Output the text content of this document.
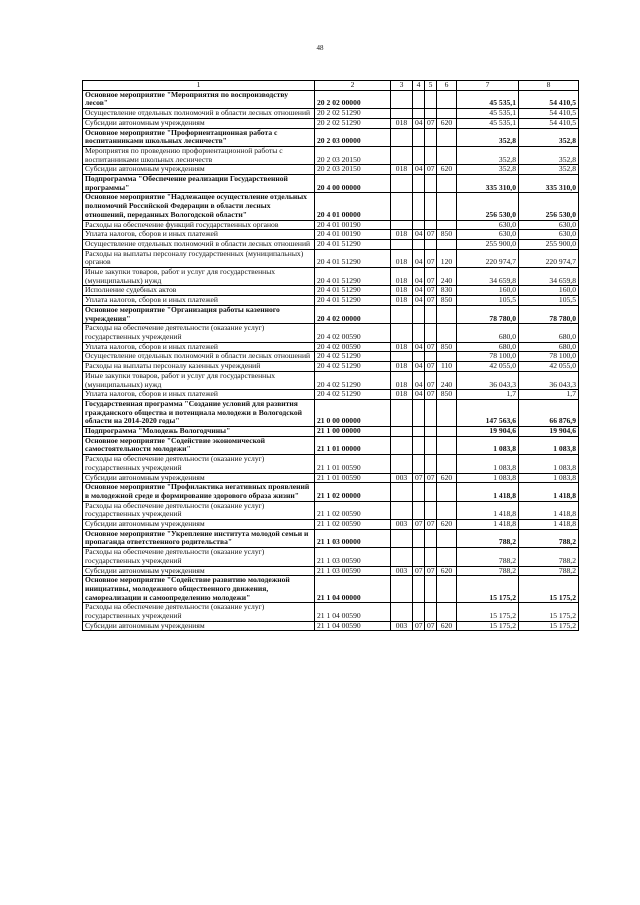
48
1	2	3	4	5	6	7	8
Основное мероприятие "Мероприятия по воспроизводству лесов"	20 2 02 00000					45 535,1	54 410,5
Осуществление отдельных полномочий в области лесных отношений	20 2 02 51290					45 535,1	54 410,5
Субсидии автономным учреждениям	20 2 02 51290	018	04	07	620	45 535,1	54 410,5
Основное мероприятие "Профориентационная работа с воспитанниками школьных лесничеств"	20 2 03 00000					352,8	352,8
Мероприятия по проведению профориентационной работы с воспитанниками школьных лесничеств	20 2 03 20150					352,8	352,8
Субсидии автономным учреждениям	20 2 03 20150	018	04	07	620	352,8	352,8
Подпрограмма "Обеспечение реализации Государственной программы"	20 4 00 00000					335 310,0	335 310,0
Основное мероприятие "Надлежащее осуществление отдельных полномочий Российской Федерации в области лесных отношений, переданных Вологодской области"	20 4 01 00000					256 530,0	256 530,0
Расходы на обеспечение функций государственных органов	20 4 01 00190					630,0	630,0
Уплата налогов, сборов и иных платежей	20 4 01 00190	018	04	07	850	630,0	630,0
Осуществление отдельных полномочий в области лесных отношений	20 4 01 51290					255 900,0	255 900,0
Расходы на выплаты персоналу государственных (муниципальных) органов	20 4 01 51290	018	04	07	120	220 974,7	220 974,7
Иные закупки товаров, работ и услуг для государственных (муниципальных) нужд	20 4 01 51290	018	04	07	240	34 659,8	34 659,8
Исполнение судебных актов	20 4 01 51290	018	04	07	830	160,0	160,0
Уплата налогов, сборов и иных платежей	20 4 01 51290	018	04	07	850	105,5	105,5
Основное мероприятие "Организация работы казенного учреждения"	20 4 02 00000					78 780,0	78 780,0
Расходы на обеспечение деятельности (оказание услуг) государственных учреждений	20 4 02 00590					680,0	680,0
Уплата налогов, сборов и иных платежей	20 4 02 00590	018	04	07	850	680,0	680,0
Осуществление отдельных полномочий в области лесных отношений	20 4 02 51290					78 100,0	78 100,0
Расходы на выплаты персоналу казенных учреждений	20 4 02 51290	018	04	07	110	42 055,0	42 055,0
Иные закупки товаров, работ и услуг для государственных (муниципальных) нужд	20 4 02 51290	018	04	07	240	36 043,3	36 043,3
Уплата налогов, сборов и иных платежей	20 4 02 51290	018	04	07	850	1,7	1,7
Государственная программа "Создание условий для развития гражданского общества и потенциала молодежи в Вологодской области на 2014-2020 годы"	21 0 00 00000					147 563,6	66 876,9
Подпрограмма "Молодежь Вологодчины"	21 1 00 00000					19 904,6	19 904,6
Основное мероприятие "Содействие экономической самостоятельности молодежи"	21 1 01 00000					1 083,8	1 083,8
Расходы на обеспечение деятельности (оказание услуг) государственных учреждений	21 1 01 00590					1 083,8	1 083,8
Субсидии автономным учреждениям	21 1 01 00590	003	07	07	620	1 083,8	1 083,8
Основное мероприятие "Профилактика негативных проявлений в молодежной среде и формирование здорового образа жизни"	21 1 02 00000					1 418,8	1 418,8
Расходы на обеспечение деятельности (оказание услуг) государственных учреждений	21 1 02 00590					1 418,8	1 418,8
Субсидии автономным учреждениям	21 1 02 00590	003	07	07	620	1 418,8	1 418,8
Основное мероприятие "Укрепление института молодой семьи и пропаганда ответственного родительства"	21 1 03 00000					788,2	788,2
Расходы на обеспечение деятельности (оказание услуг) государственных учреждений	21 1 03 00590					788,2	788,2
Субсидии автономным учреждениям	21 1 03 00590	003	07	07	620	788,2	788,2
Основное мероприятие "Содействие развитию молодежной инициативы, молодежного общественного движения, самореализации и самоопределению молодежи"	21 1 04 00000					15 175,2	15 175,2
Расходы на обеспечение деятельности (оказание услуг) государственных учреждений	21 1 04 00590					15 175,2	15 175,2
Субсидии автономным учреждениям	21 1 04 00590	003	07	07	620	15 175,2	15 175,2
